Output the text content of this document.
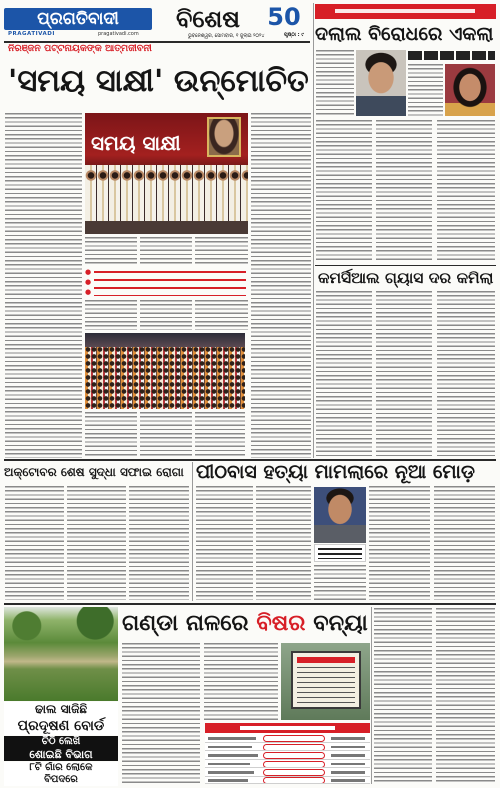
ପ୍ରଗତିବାଦୀ
PRAGATIVADI	pragativadi.com
ବିଶେଷ	50
ଭୁବନେଶ୍ୱର, ସୋମବାର, ୧ ଜୁଲାଇ ୨୦୨୪	ପୃଷ୍ଠା : ୯
ନିରଞ୍ଜନ ପଟ୍ଟନାୟକଙ୍କ ଆତ୍ମଜୀବନୀ
'ସମୟ ସାକ୍ଷୀ' ଉନ୍ମୋଚିତ
ସମୟ ସାକ୍ଷୀ
●
●
●
ଦଲାଲ ବିରୋଧରେ ଏକଲା
କମର୍ସିଆଲ ଗ୍ୟାସ ଦର କମିଲା
ଅକ୍ଟୋବର ଶେଷ ସୁଦ୍ଧା ସଫାଇ ରୋଗା ପୀଠବାସ ହତ୍ୟା ମାମଲାରେ ନୂଆ ମୋଡ଼
ଢାଲ ସାଜିଛି
ପ୍ରଦୂଷଣ ବୋର୍ଡ
ଚିଠି ଲେଖି
ଶୋଇଛି ବିଭାଗ
୮ଟି ଗାଁର ଲୋକେ
ବିପଦରେ
ଗଣ୍ଡା ନାଳରେ ବିଷର ବନ୍ୟା
